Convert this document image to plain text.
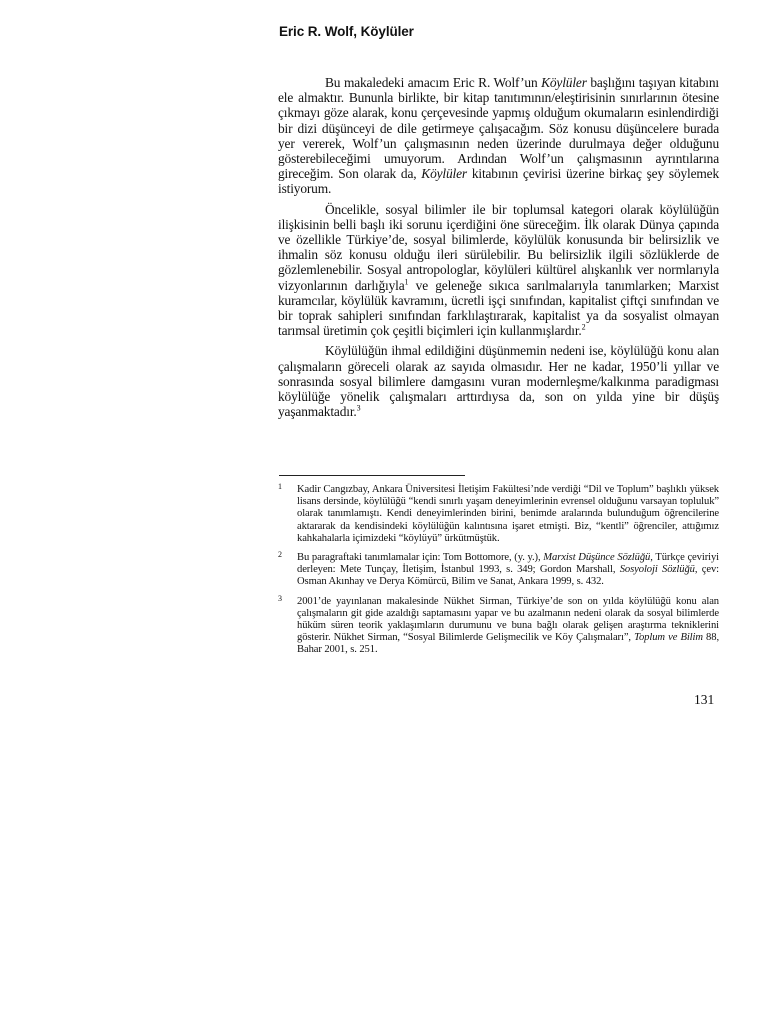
Eric R. Wolf, Köylüler

Bu makaledeki amacım Eric R. Wolf’un Köylüler başlığını taşıyan kitabını ele almaktır. Bununla birlikte, bir kitap tanıtımının/eleştirisinin sınırlarının ötesine çıkmayı göze alarak, konu çerçevesinde yapmış olduğum okumaların esinlendirdiği bir dizi düşünceyi de dile getirmeye çalışacağım. Söz konusu düşüncelere burada yer vererek, Wolf’un çalışmasının neden üzerinde durulmaya değer olduğunu gösterebileceğimi umuyorum. Ardından Wolf’un çalışmasının ayrıntılarına gireceğim. Son olarak da, Köylüler kitabının çevirisi üzerine birkaç şey söylemek istiyorum.

Öncelikle, sosyal bilimler ile bir toplumsal kategori olarak köylülüğün ilişkisinin belli başlı iki sorunu içerdiğini öne süreceğim. İlk olarak Dünya çapında ve özellikle Türkiye’de, sosyal bilimlerde, köylülük konusunda bir belirsizlik ve ihmalin söz konusu olduğu ileri sürülebilir. Bu belirsizlik ilgili sözlüklerde de gözlemlenebilir. Sosyal antropologlar, köylüleri kültürel alışkanlık ver normlarıyla vizyonlarının darlığıyla$^1$ ve geleneğe sıkıca sarılmalarıyla tanımlarken; Marxist kuramcılar, köylülük kavramını, ücretli işçi sınıfından, kapitalist çiftçi sınıfından ve bir toprak sahipleri sınıfından farklılaştırarak, kapitalist ya da sosyalist olmayan tarımsal üretimin çok çeşitli biçimleri için kullanmışlardır.$^2$

Köylülüğün ihmal edildiğini düşünmemin nedeni ise, köylülüğü konu alan çalışmaların göreceli olarak az sayıda olmasıdır. Her ne kadar, 1950’li yıllar ve sonrasında sosyal bilimlere damgasını vuran modernleşme/kalkınma paradigması köylülüğe yönelik çalışmaları arttırdıysa da, son on yılda yine bir düşüş yaşanmaktadır.$^3$

1 Kadir Cangızbay, Ankara Üniversitesi İletişim Fakültesi’nde verdiği “Dil ve Toplum” başlıklı yüksek lisans dersinde, köylülüğü “kendi sınırlı yaşam deneyimlerinin evrensel olduğunu varsayan topluluk” olarak tanımlamıştı. Kendi deneyimlerinden birini, benimde aralarında bulunduğum öğrencilerine aktararak da kendisindeki köylülüğün kalıntısına işaret etmişti. Biz, “kentli” öğrenciler, attığımız kahkahalarla içimizdeki “köylüyü” ürkütmüştük.
2 Bu paragraftaki tanımlamalar için: Tom Bottomore, (y. y.), Marxist Düşünce Sözlüğü, Türkçe çeviriyi derleyen: Mete Tunçay, İletişim, İstanbul 1993, s. 349; Gordon Marshall, Sosyoloji Sözlüğü, çev: Osman Akınhay ve Derya Kömürcü, Bilim ve Sanat, Ankara 1999, s. 432.
3 2001’de yayınlanan makalesinde Nükhet Sirman, Türkiye’de son on yılda köylülüğü konu alan çalışmaların git gide azaldığı saptamasını yapar ve bu azalmanın nedeni olarak da sosyal bilimlerde hüküm süren teorik yaklaşımların durumunu ve buna bağlı olarak gelişen araştırma tekniklerini gösterir. Nükhet Sirman, “Sosyal Bilimlerde Gelişmecilik ve Köy Çalışmaları”, Toplum ve Bilim 88, Bahar 2001, s. 251.
131
